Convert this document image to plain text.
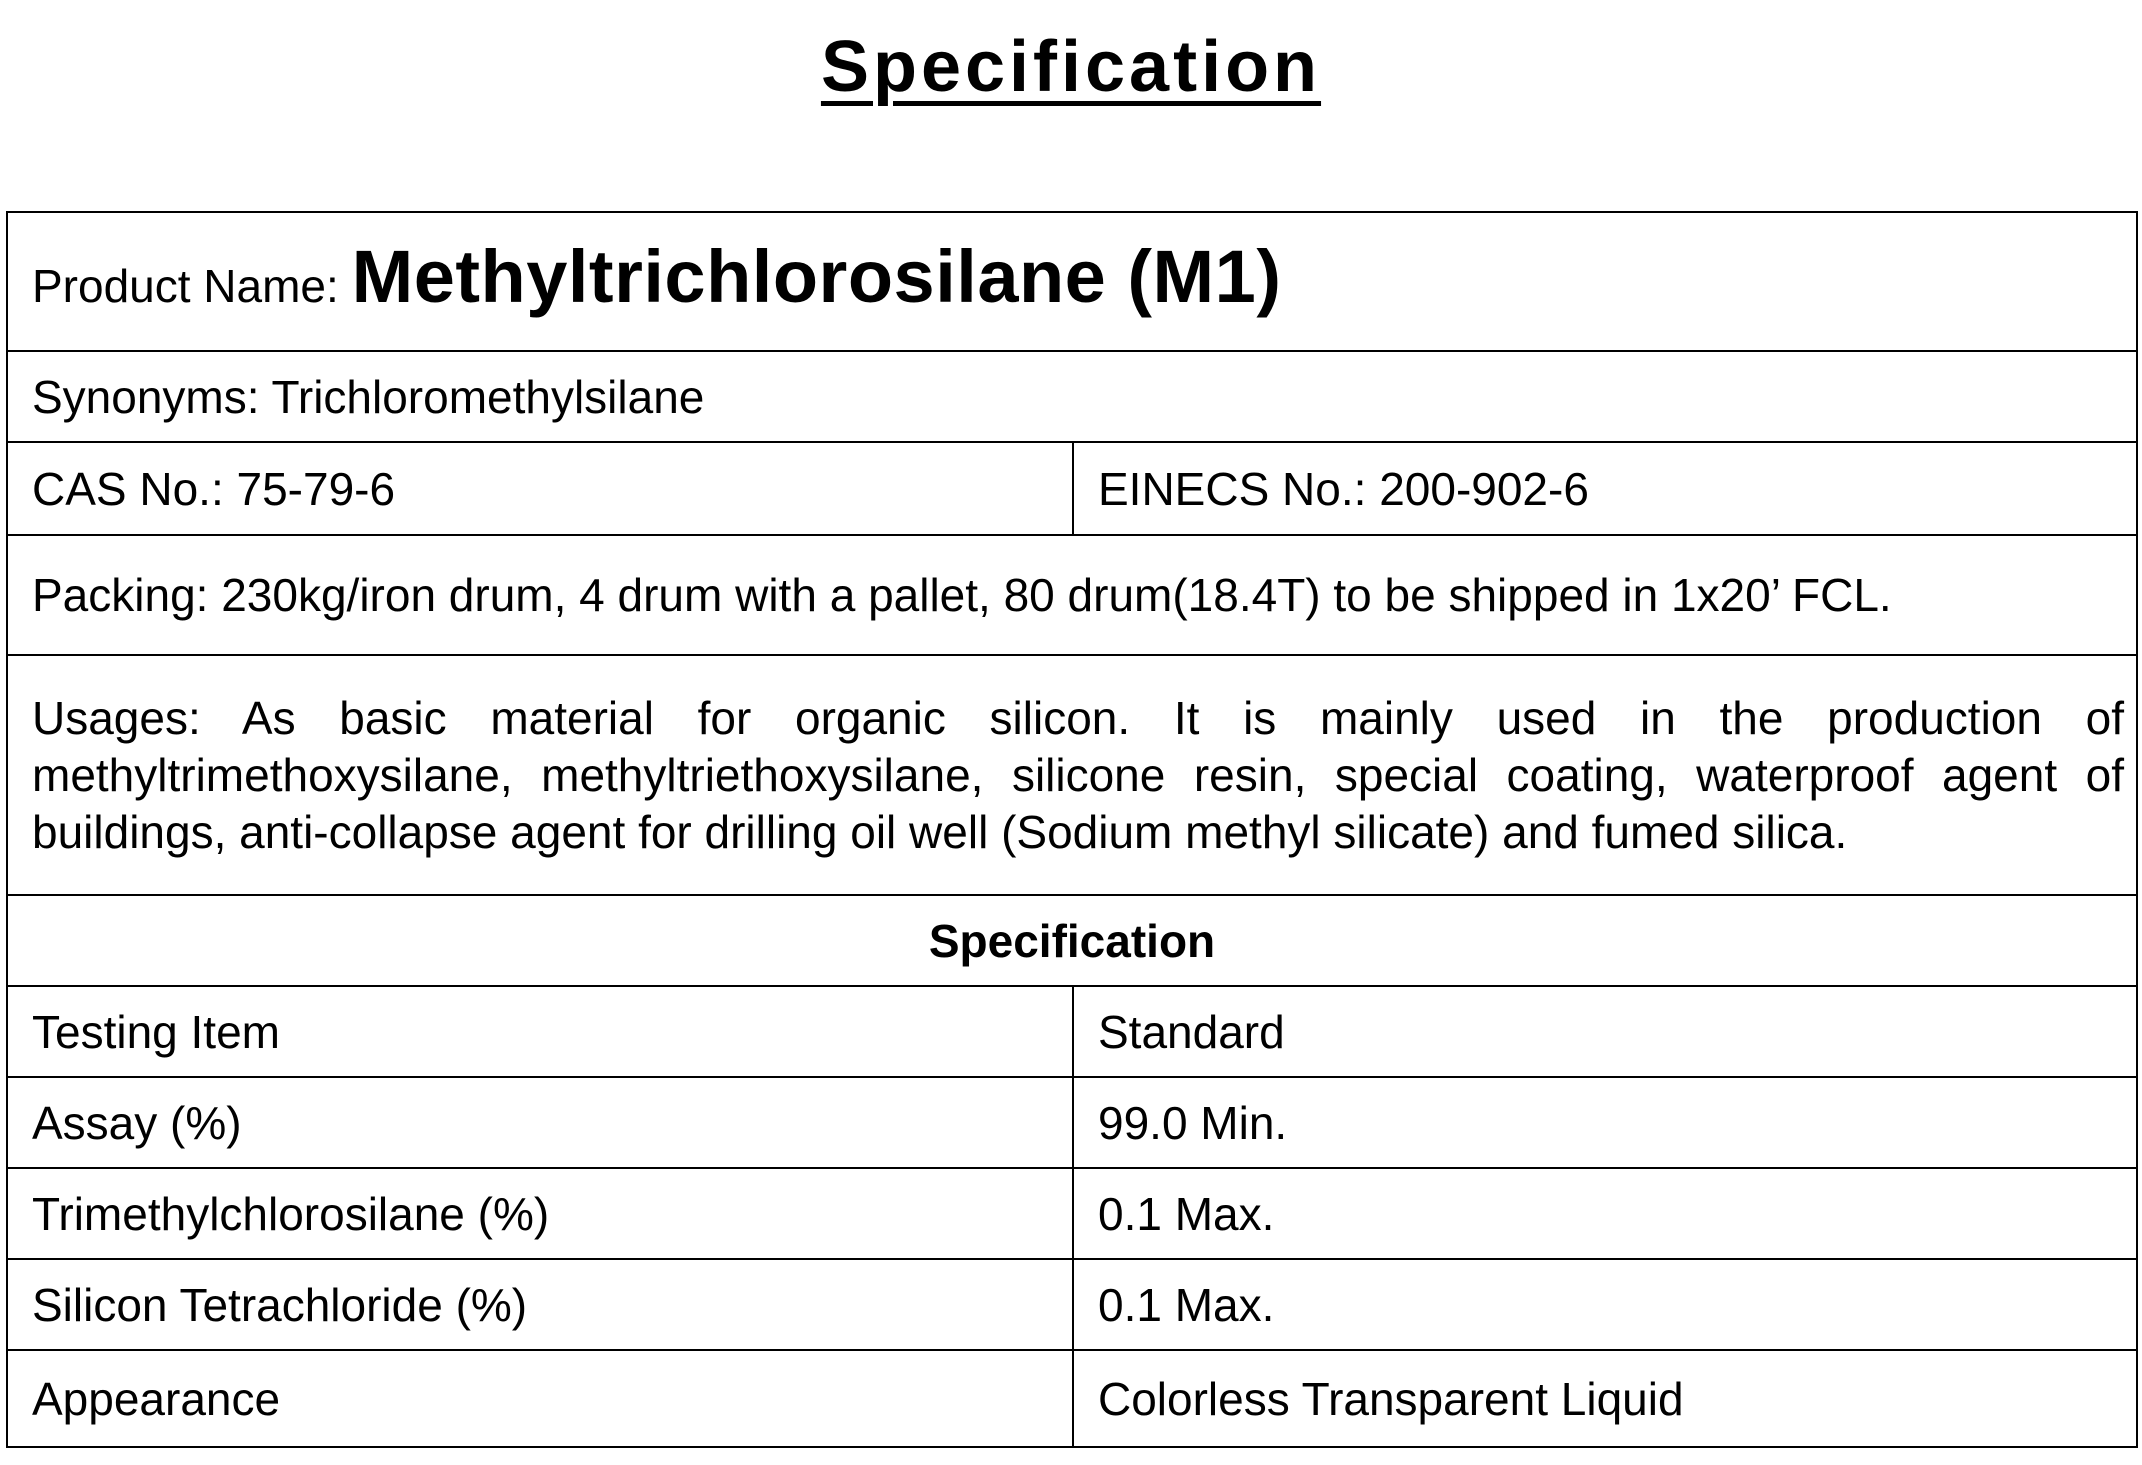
Specification
Product Name: Methyltrichlorosilane (M1)	
Synonyms: Trichloromethylsilane	
CAS No.: 75-79-6	EINECS No.: 200-902-6
Packing: 230kg/iron drum, 4 drum with a pallet, 80 drum(18.4T) to be shipped in 1x20’ FCL.	
Usages: As basic material for organic silicon. It is mainly used in the production of methyltrimethoxysilane, methyltriethoxysilane, silicone resin, special coating, waterproof agent of buildings, anti-collapse agent for drilling oil well (Sodium methyl silicate) and fumed silica.	
Specification	
Testing Item	Standard
Assay (%)	99.0 Min.
Trimethylchlorosilane (%)	0.1 Max.
Silicon Tetrachloride (%)	0.1 Max.
Appearance	Colorless Transparent Liquid
